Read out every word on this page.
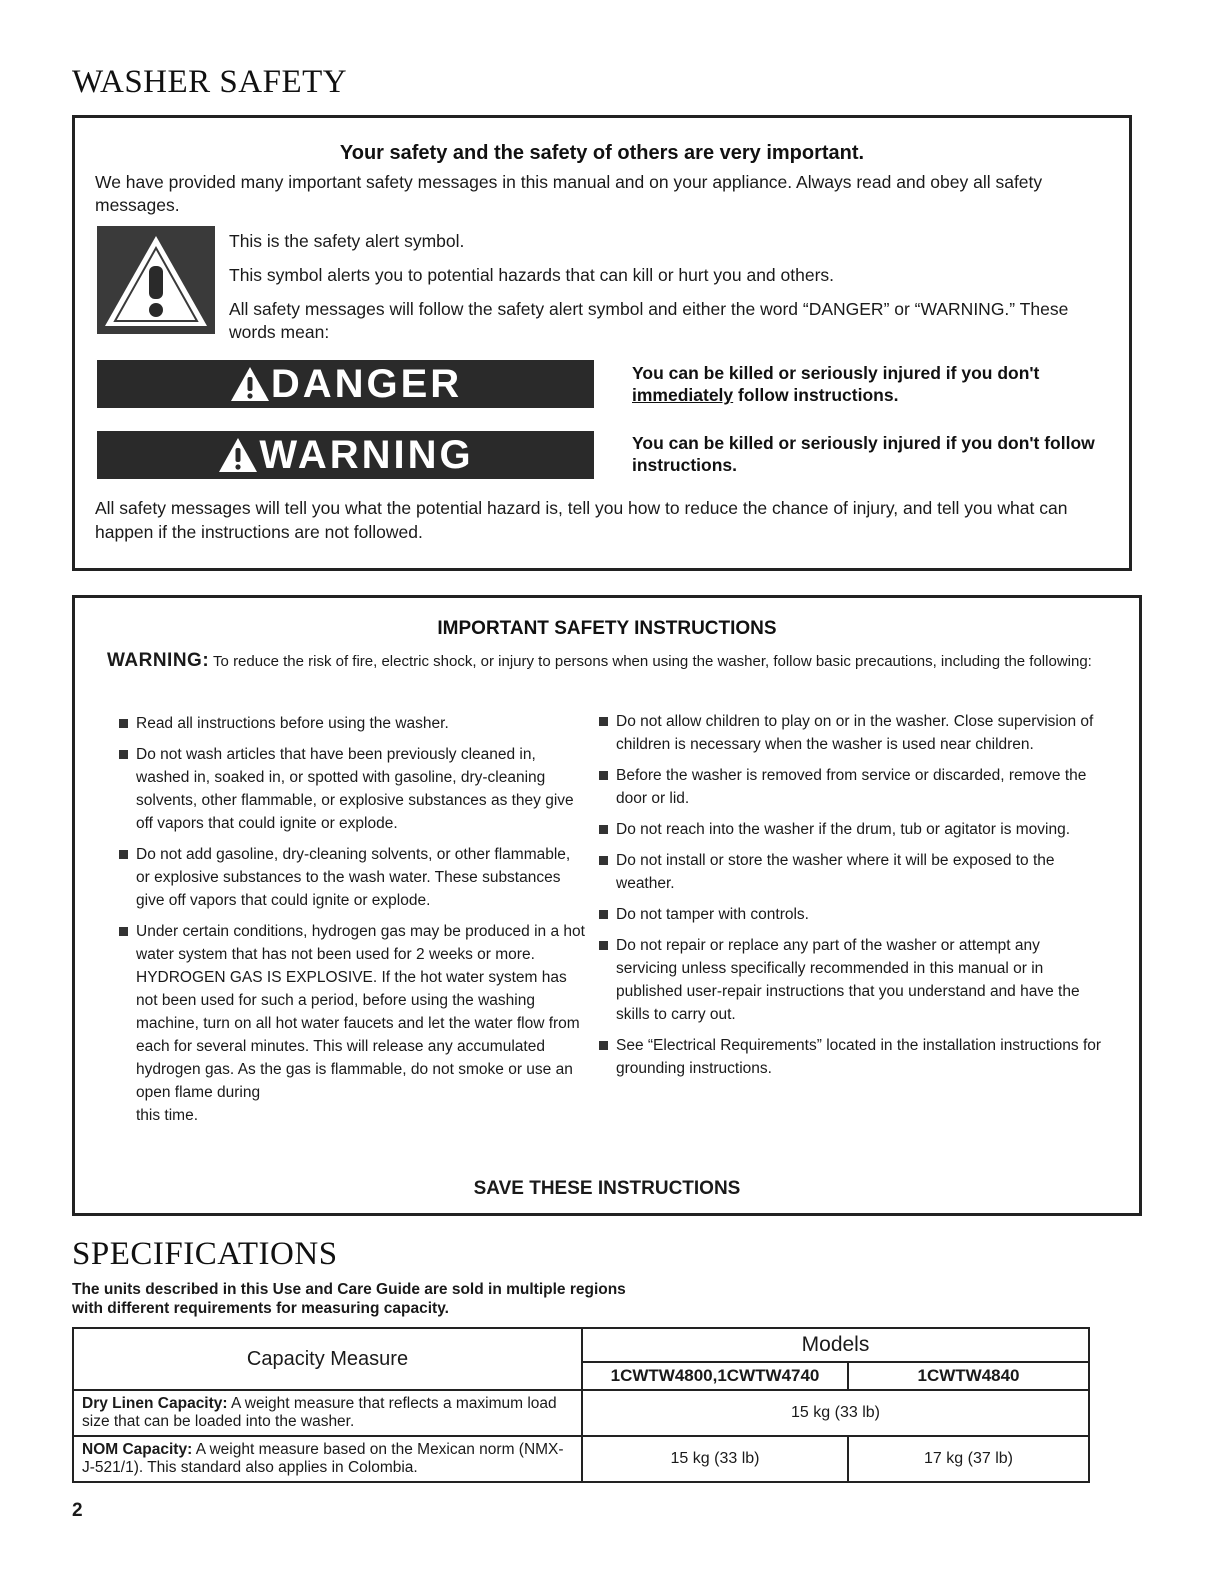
WASHER SAFETY
Your safety and the safety of others are very important.
We have provided many important safety messages in this manual and on your appliance. Always read and obey all safety messages.

This is the safety alert symbol.

This symbol alerts you to potential hazards that can kill or hurt you and others.

All safety messages will follow the safety alert symbol and either the word “DANGER” or “WARNING.” These words mean:

DANGER	You can be killed or seriously injured if you don't immediately follow instructions.
WARNING	You can be killed or seriously injured if you don't follow instructions.
All safety messages will tell you what the potential hazard is, tell you how to reduce the chance of injury, and tell you what can happen if the instructions are not followed.
IMPORTANT SAFETY INSTRUCTIONS
WARNING: To reduce the risk of fire, electric shock, or injury to persons when using the washer, follow basic precautions, including the following:
Read all instructions before using the washer.
Do not wash articles that have been previously cleaned in, washed in, soaked in, or spotted with gasoline, dry-cleaning solvents, other flammable, or explosive substances as they give off vapors that could ignite or explode.
Do not add gasoline, dry-cleaning solvents, or other flammable, or explosive substances to the wash water. These substances give off vapors that could ignite or explode.
Under certain conditions, hydrogen gas may be produced in a hot water system that has not been used for 2 weeks or more. HYDROGEN GAS IS EXPLOSIVE. If the hot water system has not been used for such a period, before using the washing machine, turn on all hot water faucets and let the water flow from each for several minutes. This will release any accumulated hydrogen gas. As the gas is flammable, do not smoke or use an open flame during
this time.
Do not allow children to play on or in the washer. Close supervision of children is necessary when the washer is used near children.
Before the washer is removed from service or discarded, remove the door or lid.
Do not reach into the washer if the drum, tub or agitator is moving.
Do not install or store the washer where it will be exposed to the weather.
Do not tamper with controls.
Do not repair or replace any part of the washer or attempt any servicing unless specifically recommended in this manual or in published user-repair instructions that you understand and have the skills to carry out.
See “Electrical Requirements” located in the installation instructions for grounding instructions.
SAVE THESE INSTRUCTIONS
SPECIFICATIONS
The units described in this Use and Care Guide are sold in multiple regions
with different requirements for measuring capacity.
Capacity Measure	Models	
	1CWTW4800,1CWTW4740	1CWTW4840
Dry Linen Capacity: A weight measure that reflects a maximum load size that can be loaded into the washer.	15 kg (33 lb)	
NOM Capacity: A weight measure based on the Mexican norm (NMX-J-521/1). This standard also applies in Colombia.	15 kg (33 lb)	17 kg (37 lb)
2
